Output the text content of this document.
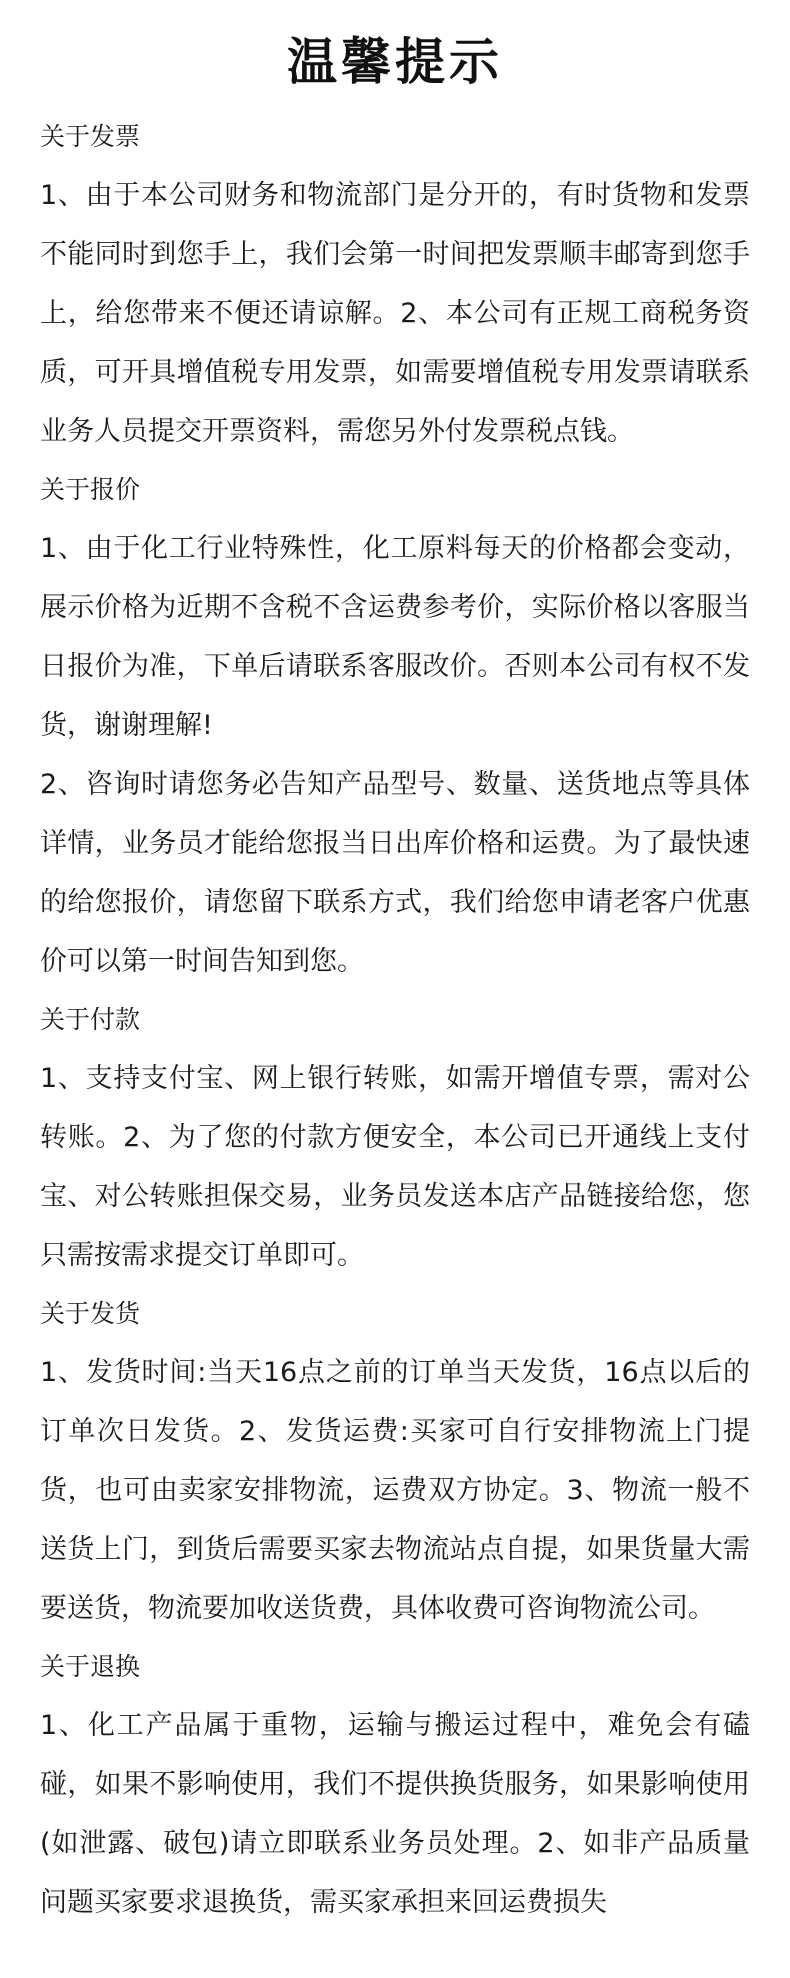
温馨提示
关于发票

1、由于本公司财务和物流部门是分开的，有时货物和发票不能同时到您手上，我们会第一时间把发票顺丰邮寄到您手上，给您带来不便还请谅解。2、本公司有正规工商税务资质，可开具增值税专用发票，如需要增值税专用发票请联系业务人员提交开票资料，需您另外付发票税点钱。

关于报价

1、由于化工行业特殊性，化工原料每天的价格都会变动，展示价格为近期不含税不含运费参考价，实际价格以客服当日报价为准，下单后请联系客服改价。否则本公司有权不发货，谢谢理解!

2、咨询时请您务必告知产品型号、数量、送货地点等具体详情，业务员才能给您报当日出库价格和运费。为了最快速的给您报价，请您留下联系方式，我们给您申请老客户优惠价可以第一时间告知到您。

关于付款

1、支持支付宝、网上银行转账，如需开增值专票，需对公转账。2、为了您的付款方便安全，本公司已开通线上支付宝、对公转账担保交易，业务员发送本店产品链接给您，您只需按需求提交订单即可。

关于发货

1、发货时间:当天16点之前的订单当天发货，16点以后的订单次日发货。2、发货运费:买家可自行安排物流上门提货，也可由卖家安排物流，运费双方协定。3、物流一般不送货上门，到货后需要买家去物流站点自提，如果货量大需要送货，物流要加收送货费，具体收费可咨询物流公司。

关于退换

1、化工产品属于重物，运输与搬运过程中，难免会有磕碰，如果不影响使用，我们不提供换货服务，如果影响使用(如泄露、破包)请立即联系业务员处理。2、如非产品质量问题买家要求退换货，需买家承担来回运费损失
